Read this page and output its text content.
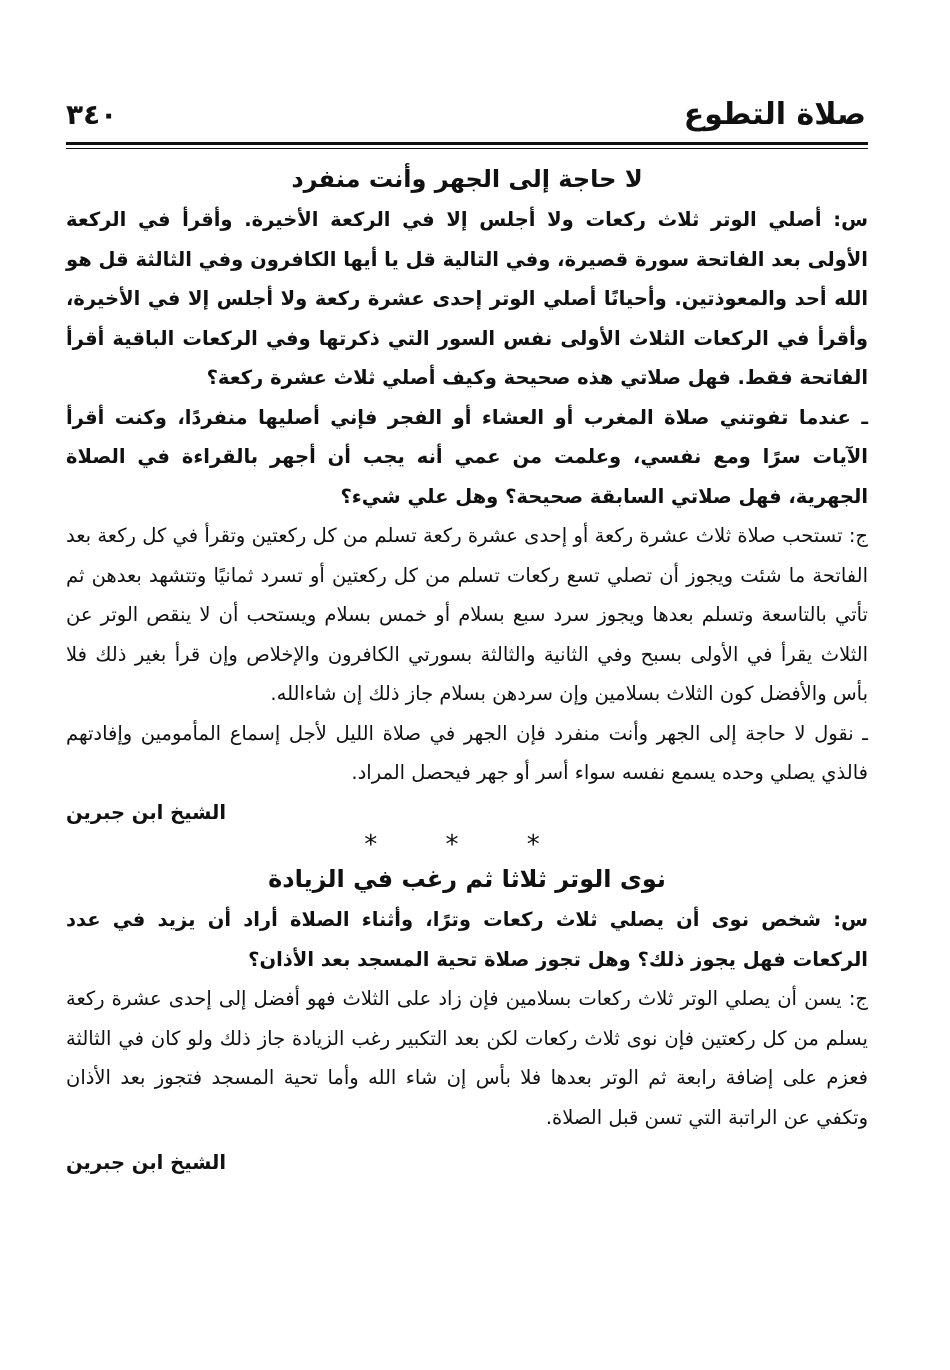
صلاة التطوع
٣٤٠

لا حاجة إلى الجهر وأنت منفرد

س: أصلي الوتر ثلاث ركعات ولا أجلس إلا في الركعة الأخيرة. وأقرأ في الركعة الأولى بعد الفاتحة سورة قصيرة، وفي التالية قل يا أيها الكافرون وفي الثالثة قل هو الله أحد والمعوذتين. وأحيانًا أصلي الوتر إحدى عشرة ركعة ولا أجلس إلا في الأخيرة، وأقرأ في الركعات الثلاث الأولى نفس السور التي ذكرتها وفي الركعات الباقية أقرأ الفاتحة فقط. فهل صلاتي هذه صحيحة وكيف أصلي ثلاث عشرة ركعة؟

ـ عندما تفوتني صلاة المغرب أو العشاء أو الفجر فإني أصليها منفردًا، وكنت أقرأ الآيات سرًا ومع نفسي، وعلمت من عمي أنه يجب أن أجهر بالقراءة في الصلاة الجهرية، فهل صلاتي السابقة صحيحة؟ وهل علي شيء؟

ج: تستحب صلاة ثلاث عشرة ركعة أو إحدى عشرة ركعة تسلم من كل ركعتين وتقرأ في كل ركعة بعد الفاتحة ما شئت ويجوز أن تصلي تسع ركعات تسلم من كل ركعتين أو تسرد ثمانيًا وتتشهد بعدهن ثم تأتي بالتاسعة وتسلم بعدها ويجوز سرد سبع بسلام أو خمس بسلام ويستحب أن لا ينقص الوتر عن الثلاث يقرأ في الأولى بسبح وفي الثانية والثالثة بسورتي الكافرون والإخلاص وإن قرأ بغير ذلك فلا بأس والأفضل كون الثلاث بسلامين وإن سردهن بسلام جاز ذلك إن شاءالله.

ـ نقول لا حاجة إلى الجهر وأنت منفرد فإن الجهر في صلاة الليل لأجل إسماع المأمومين وإفادتهم فالذي يصلي وحده يسمع نفسه سواء أسر أو جهر فيحصل المراد.

الشيخ ابن جبرين

* * *

نوى الوتر ثلاثا ثم رغب في الزيادة

س: شخص نوى أن يصلي ثلاث ركعات وترًا، وأثناء الصلاة أراد أن يزيد في عدد الركعات فهل يجوز ذلك؟ وهل تجوز صلاة تحية المسجد بعد الأذان؟

ج: يسن أن يصلي الوتر ثلاث ركعات بسلامين فإن زاد على الثلاث فهو أفضل إلى إحدى عشرة ركعة يسلم من كل ركعتين فإن نوى ثلاث ركعات لكن بعد التكبير رغب الزيادة جاز ذلك ولو كان في الثالثة فعزم على إضافة رابعة ثم الوتر بعدها فلا بأس إن شاء الله وأما تحية المسجد فتجوز بعد الأذان وتكفي عن الراتبة التي تسن قبل الصلاة.

الشيخ ابن جبرين
